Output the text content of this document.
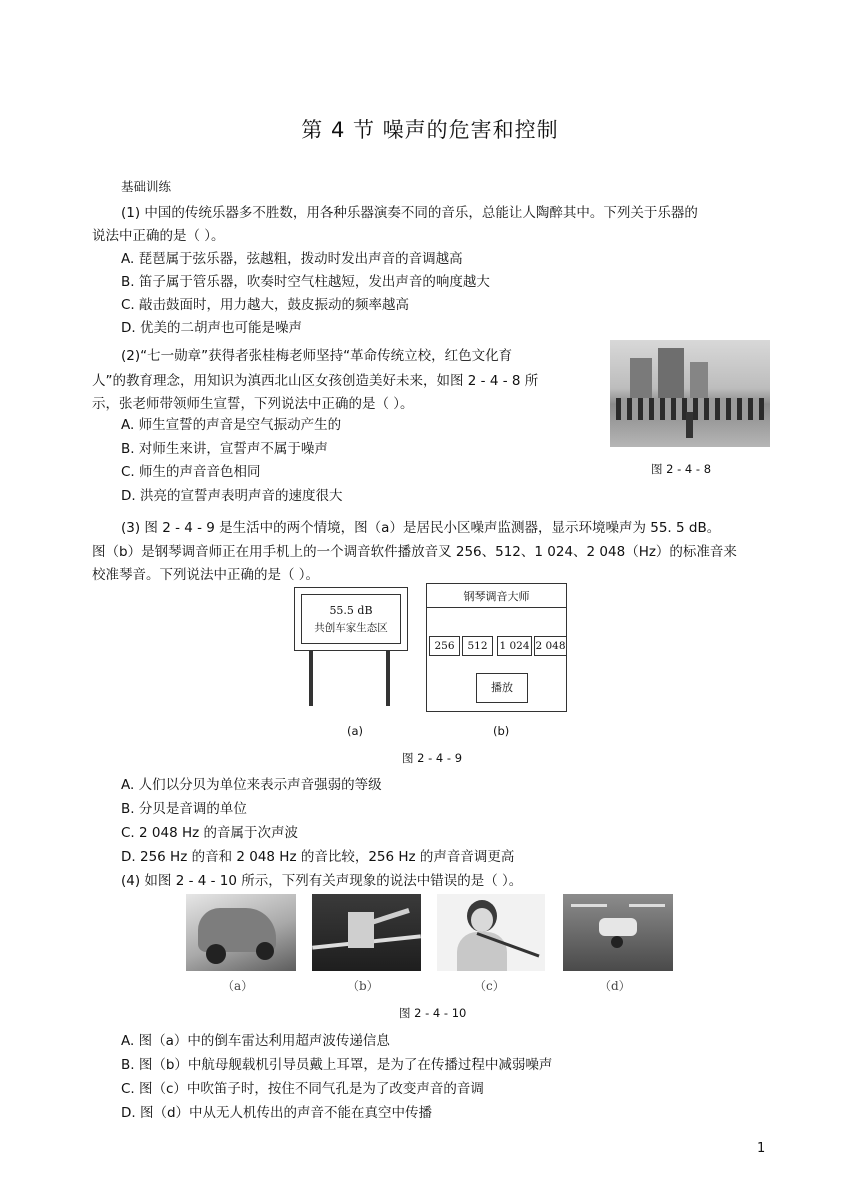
第 4 节 噪声的危害和控制
基础训练
(1) 中国的传统乐器多不胜数，用各种乐器演奏不同的音乐，总能让人陶醉其中。下列关于乐器的
说法中正确的是（ ）。
A. 琵琶属于弦乐器，弦越粗，拨动时发出声音的音调越高
B. 笛子属于管乐器，吹奏时空气柱越短，发出声音的响度越大
C. 敲击鼓面时，用力越大，鼓皮振动的频率越高
D. 优美的二胡声也可能是噪声
(2)“七一勋章”获得者张桂梅老师坚持“革命传统立校，红色文化育
人”的教育理念，用知识为滇西北山区女孩创造美好未来，如图 2 - 4 - 8 所
示，张老师带领师生宣誓，下列说法中正确的是（ ）。
A. 师生宣誓的声音是空气振动产生的
B. 对师生来讲，宣誓声不属于噪声
C. 师生的声音音色相同
D. 洪亮的宣誓声表明声音的速度很大
图 2 - 4 - 8
(3) 图 2 - 4 - 9 是生活中的两个情境，图（a）是居民小区噪声监测器，显示环境噪声为 55. 5 dB。
图（b）是钢琴调音师正在用手机上的一个调音软件播放音叉 256、512、1 024、2 048（Hz）的标准音来
校准琴音。下列说法中正确的是（ ）。
55.5 dB
共创车家生态区
钢琴调音大师
256	512	1 024 2 048
播放
(a)	(b)
图 2 - 4 - 9
A. 人们以分贝为单位来表示声音强弱的等级
B. 分贝是音调的单位
C. 2 048 Hz 的音属于次声波
D. 256 Hz 的音和 2 048 Hz 的音比较，256 Hz 的声音音调更高
(4) 如图 2 - 4 - 10 所示，下列有关声现象的说法中错误的是（ ）。
（a）	（b）	（c）	（d）
图 2 - 4 - 10
A. 图（a）中的倒车雷达利用超声波传递信息
B. 图（b）中航母舰载机引导员戴上耳罩，是为了在传播过程中减弱噪声
C. 图（c）中吹笛子时，按住不同气孔是为了改变声音的音调
D. 图（d）中从无人机传出的声音不能在真空中传播
1
